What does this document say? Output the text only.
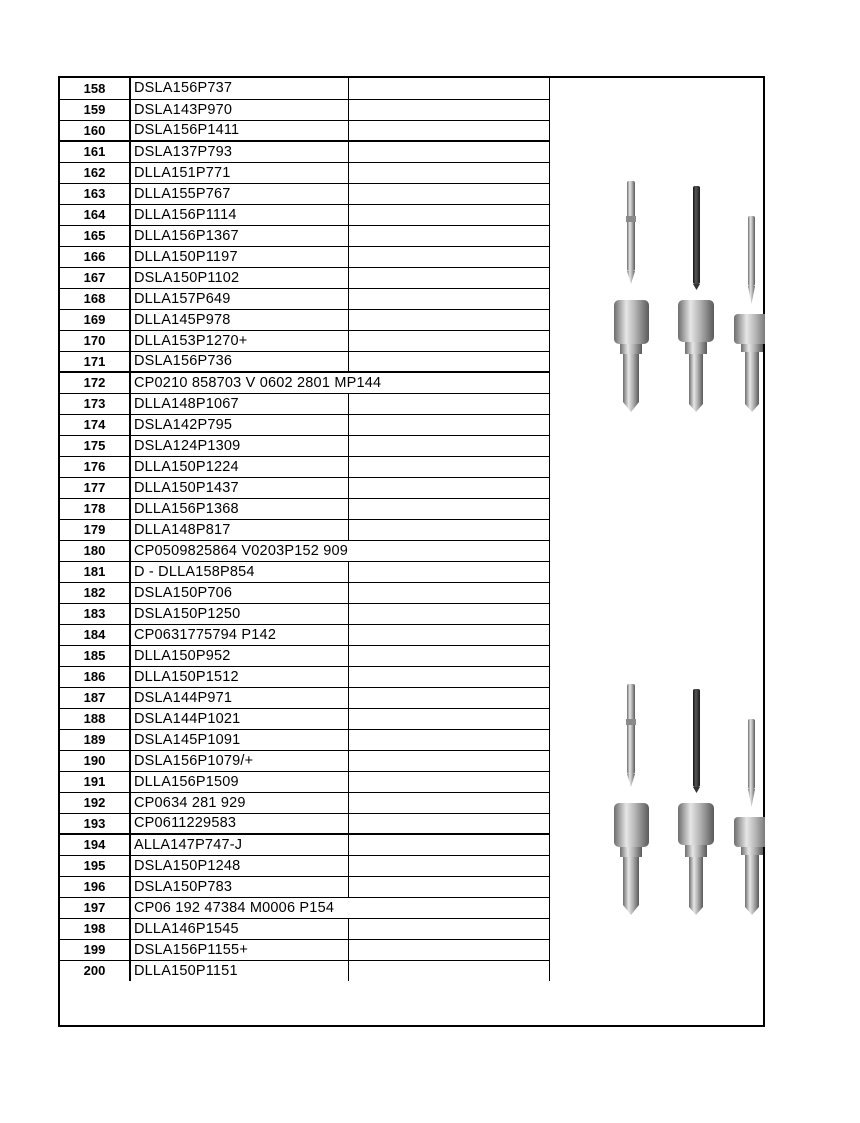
158	DSLA156P737	
159	DSLA143P970	
160	DSLA156P1411	
161	DSLA137P793	
162	DLLA151P771	
163	DLLA155P767	
164	DLLA156P1114	
165	DLLA156P1367	
166	DLLA150P1197	
167	DSLA150P1102	
168	DLLA157P649	
169	DLLA145P978	
170	DLLA153P1270+	
171	DSLA156P736	
172	CP0210 858703 V 0602 2801 MP144	
173	DLLA148P1067	
174	DSLA142P795	
175	DSLA124P1309	
176	DLLA150P1224	
177	DLLA150P1437	
178	DLLA156P1368	
179	DLLA148P817	
180	CP0509825864 V0203P152 909	
181	D - DLLA158P854	
182	DSLA150P706	
183	DSLA150P1250	
184	CP0631775794 P142	
185	DLLA150P952	
186	DLLA150P1512	
187	DSLA144P971	
188	DSLA144P1021	
189	DSLA145P1091	
190	DSLA156P1079/+	
191	DLLA156P1509	
192	CP0634 281 929	
193	CP0611229583	
194	ALLA147P747-J	
195	DSLA150P1248	
196	DSLA150P783	
197	CP06 192 47384 M0006 P154	
198	DLLA146P1545	
199	DSLA156P1155+	
200	DLLA150P1151	
